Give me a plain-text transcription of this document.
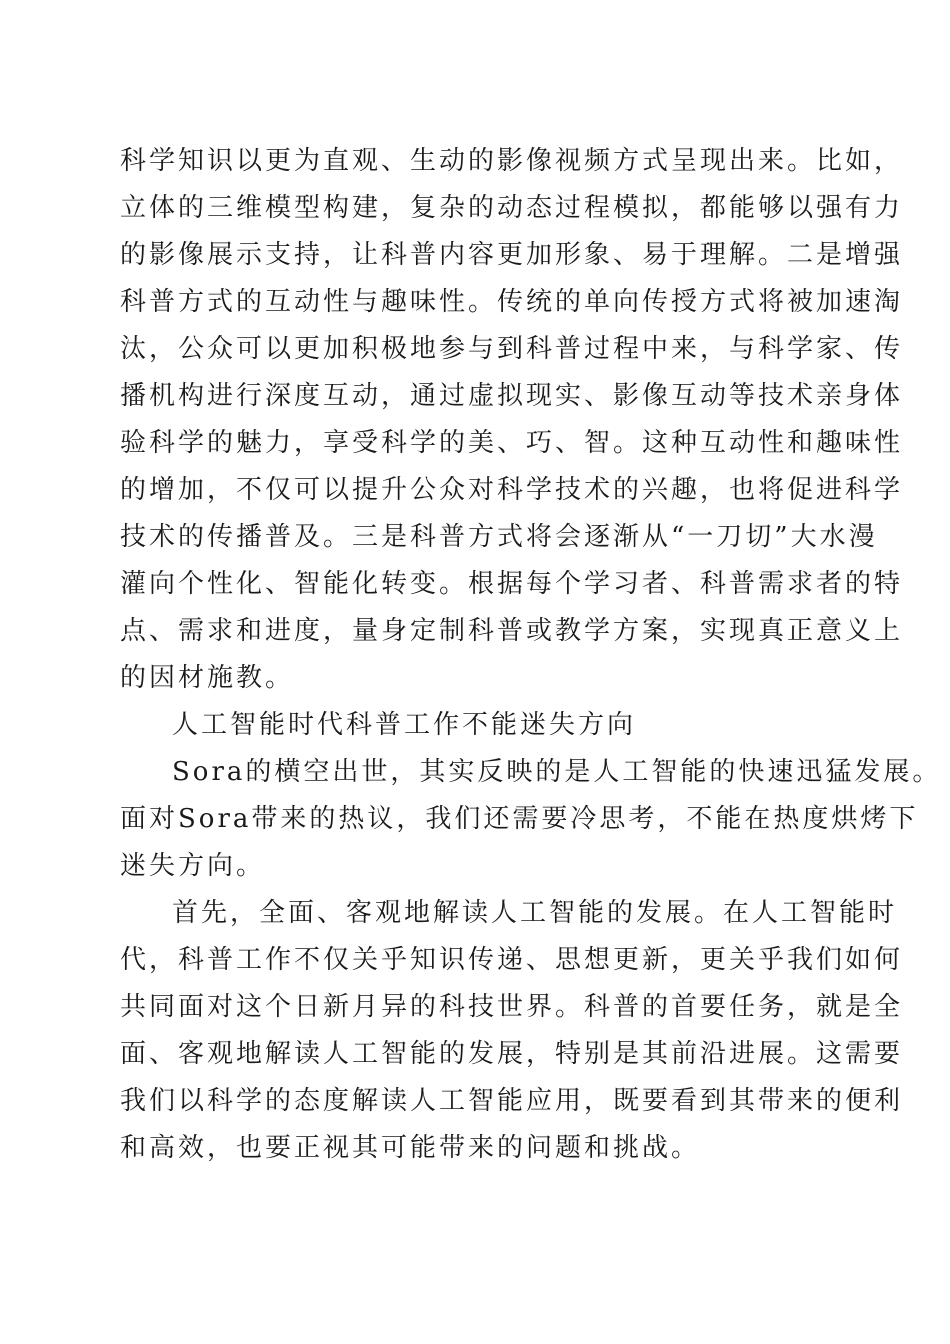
科学知识以更为直观、生动的影像视频方式呈现出来。比如，
立体的三维模型构建，复杂的动态过程模拟，都能够以强有力
的影像展示支持，让科普内容更加形象、易于理解。二是增强
科普方式的互动性与趣味性。传统的单向传授方式将被加速淘
汰，公众可以更加积极地参与到科普过程中来，与科学家、传
播机构进行深度互动，通过虚拟现实、影像互动等技术亲身体
验科学的魅力，享受科学的美、巧、智。这种互动性和趣味性
的增加，不仅可以提升公众对科学技术的兴趣，也将促进科学
技术的传播普及。三是科普方式将会逐渐从“一刀切”大水漫
灌向个性化、智能化转变。根据每个学习者、科普需求者的特
点、需求和进度，量身定制科普或教学方案，实现真正意义上
的因材施教。
人工智能时代科普工作不能迷失方向
Sora的横空出世，其实反映的是人工智能的快速迅猛发展。
面对Sora带来的热议，我们还需要冷思考，不能在热度烘烤下
迷失方向。
首先，全面、客观地解读人工智能的发展。在人工智能时
代，科普工作不仅关乎知识传递、思想更新，更关乎我们如何
共同面对这个日新月异的科技世界。科普的首要任务，就是全
面、客观地解读人工智能的发展，特别是其前沿进展。这需要
我们以科学的态度解读人工智能应用，既要看到其带来的便利
和高效，也要正视其可能带来的问题和挑战。
